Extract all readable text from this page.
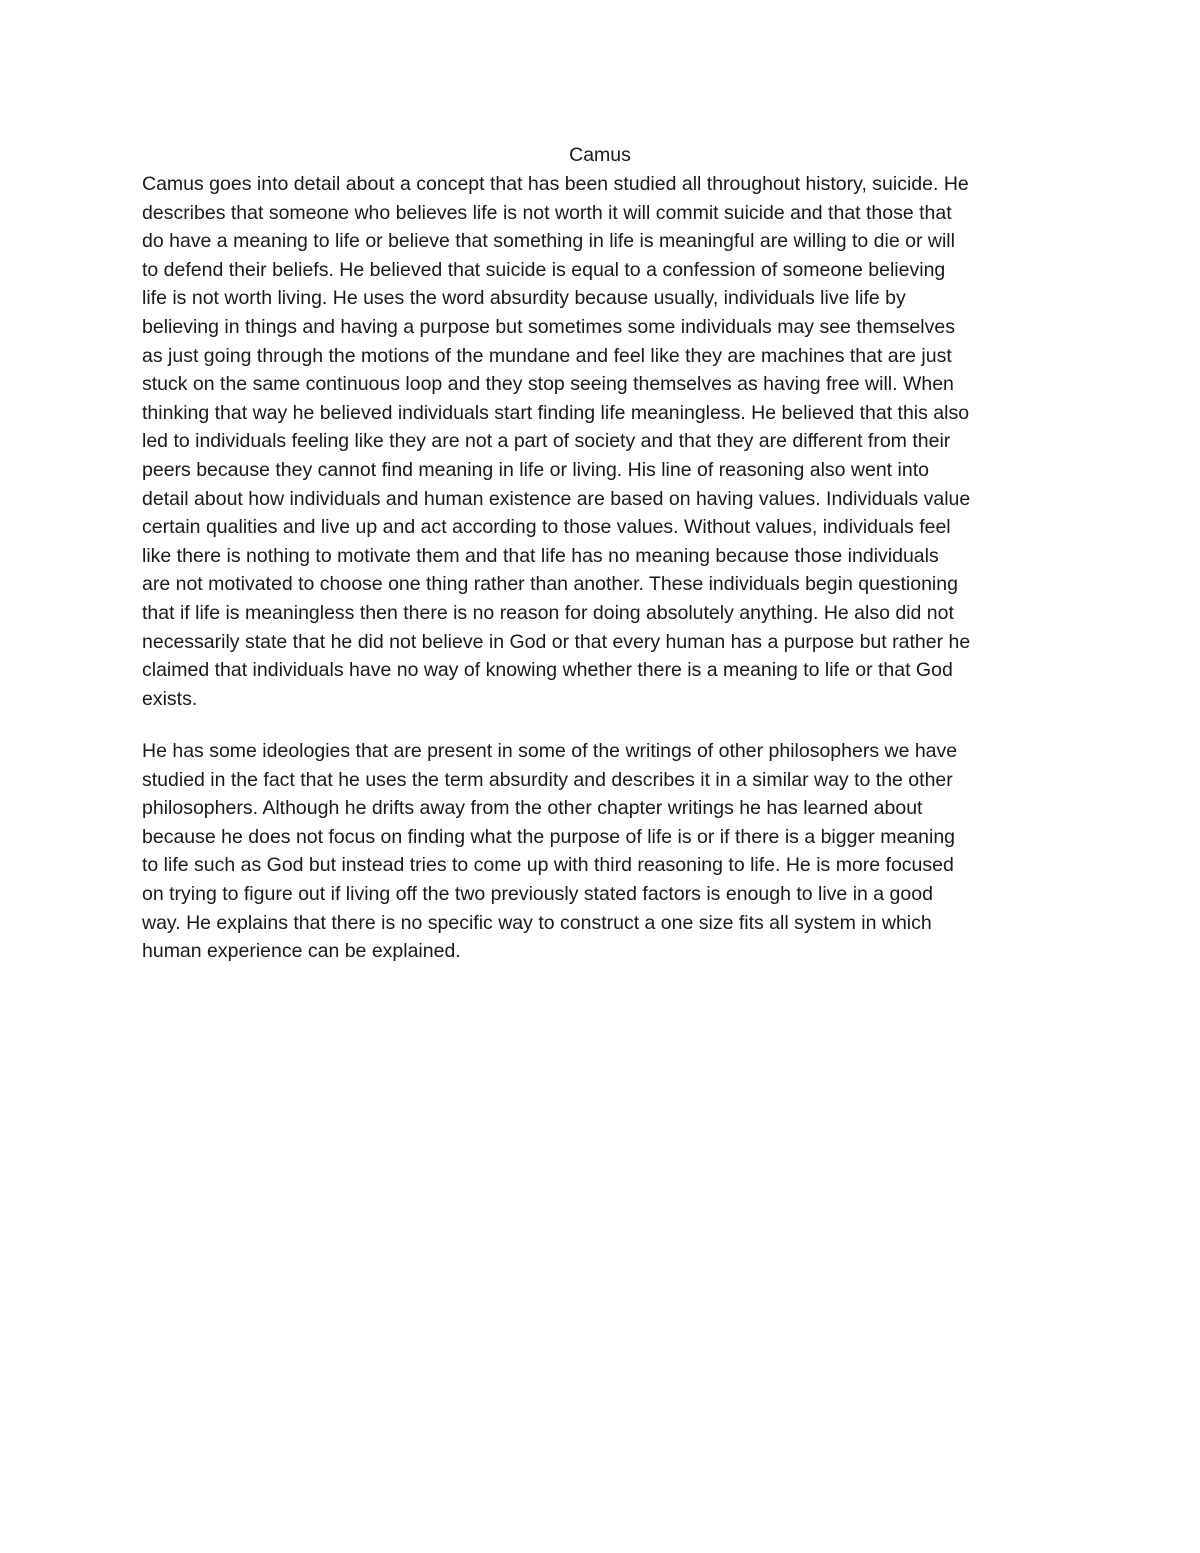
Camus
Camus goes into detail about a concept that has been studied all throughout history, suicide. He
describes that someone who believes life is not worth it will commit suicide and that those that
do have a meaning to life or believe that something in life is meaningful are willing to die or will
to defend their beliefs. He believed that suicide is equal to a confession of someone believing
life is not worth living. He uses the word absurdity because usually, individuals live life by
believing in things and having a purpose but sometimes some individuals may see themselves
as just going through the motions of the mundane and feel like they are machines that are just
stuck on the same continuous loop and they stop seeing themselves as having free will. When
thinking that way he believed individuals start finding life meaningless. He believed that this also
led to individuals feeling like they are not a part of society and that they are different from their
peers because they cannot find meaning in life or living. His line of reasoning also went into
detail about how individuals and human existence are based on having values. Individuals value
certain qualities and live up and act according to those values. Without values, individuals feel
like there is nothing to motivate them and that life has no meaning because those individuals
are not motivated to choose one thing rather than another. These individuals begin questioning
that if life is meaningless then there is no reason for doing absolutely anything. He also did not
necessarily state that he did not believe in God or that every human has a purpose but rather he
claimed that individuals have no way of knowing whether there is a meaning to life or that God
exists.
He has some ideologies that are present in some of the writings of other philosophers we have
studied in the fact that he uses the term absurdity and describes it in a similar way to the other
philosophers. Although he drifts away from the other chapter writings he has learned about
because he does not focus on finding what the purpose of life is or if there is a bigger meaning
to life such as God but instead tries to come up with third reasoning to life. He is more focused
on trying to figure out if living off the two previously stated factors is enough to live in a good
way. He explains that there is no specific way to construct a one size fits all system in which
human experience can be explained.
